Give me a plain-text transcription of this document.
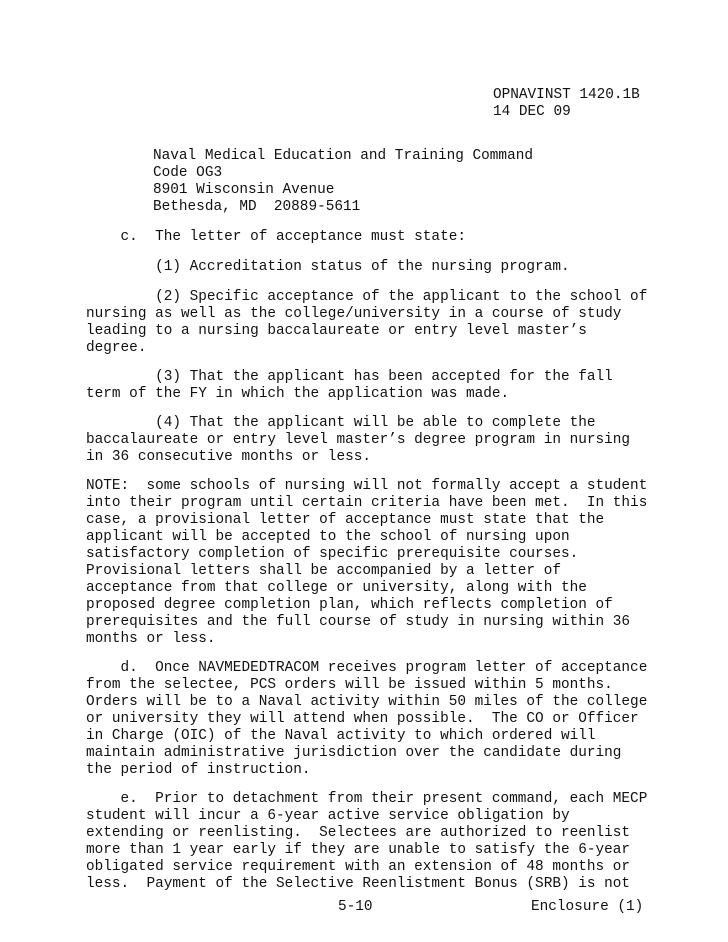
OPNAVINST 1420.1B
14 DEC 09
Naval Medical Education and Training Command
Code OG3
8901 Wisconsin Avenue
Bethesda, MD  20889-5611
c.  The letter of acceptance must state:
(1) Accreditation status of the nursing program.
(2) Specific acceptance of the applicant to the school of
nursing as well as the college/university in a course of study
leading to a nursing baccalaureate or entry level master’s
degree.
(3) That the applicant has been accepted for the fall
term of the FY in which the application was made.
(4) That the applicant will be able to complete the
baccalaureate or entry level master’s degree program in nursing
in 36 consecutive months or less.
NOTE:  some schools of nursing will not formally accept a student
into their program until certain criteria have been met.  In this
case, a provisional letter of acceptance must state that the
applicant will be accepted to the school of nursing upon
satisfactory completion of specific prerequisite courses.
Provisional letters shall be accompanied by a letter of
acceptance from that college or university, along with the
proposed degree completion plan, which reflects completion of
prerequisites and the full course of study in nursing within 36
months or less.
d.  Once NAVMEDEDTRACOM receives program letter of acceptance
from the selectee, PCS orders will be issued within 5 months.
Orders will be to a Naval activity within 50 miles of the college
or university they will attend when possible.  The CO or Officer
in Charge (OIC) of the Naval activity to which ordered will
maintain administrative jurisdiction over the candidate during
the period of instruction.
e.  Prior to detachment from their present command, each MECP
student will incur a 6-year active service obligation by
extending or reenlisting.  Selectees are authorized to reenlist
more than 1 year early if they are unable to satisfy the 6-year
obligated service requirement with an extension of 48 months or
less.  Payment of the Selective Reenlistment Bonus (SRB) is not
5-10	Enclosure (1)
